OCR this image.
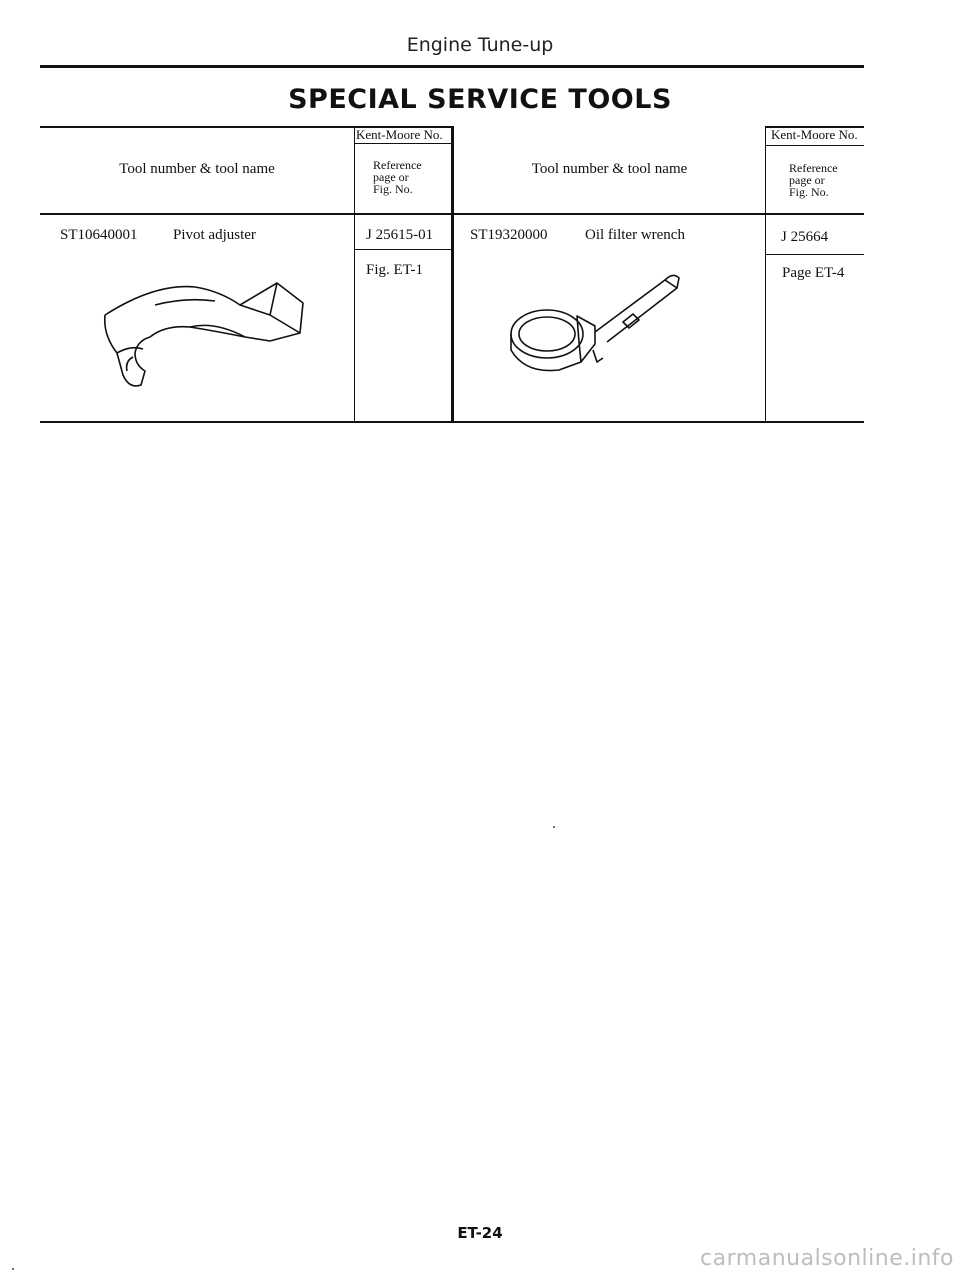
Engine Tune-up
SPECIAL SERVICE TOOLS
Tool number & tool name
Kent-Moore No.
Reference
page or
Fig. No.
Tool number & tool name
Kent-Moore No.
Reference
page or
Fig. No.
ST10640001 Pivot adjuster	J 25615-01
Fig. ET-1
ST19320000 Oil filter wrench	J 25664
Page ET-4
ET-24
carmanualsonline.info
